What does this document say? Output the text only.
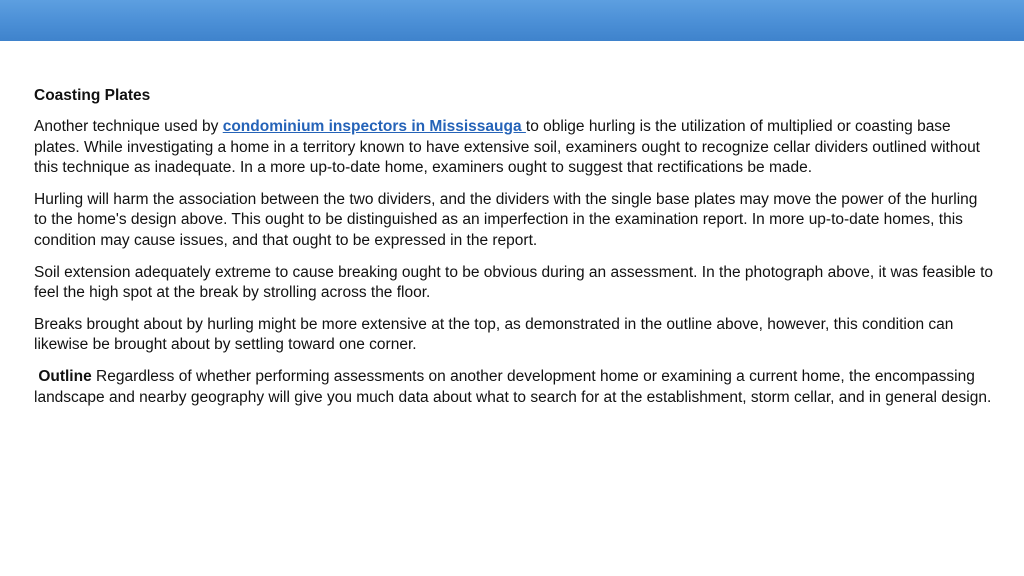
Coasting Plates

Another technique used by condominium inspectors in Mississauga to oblige hurling is the utilization of multiplied or coasting base plates. While investigating a home in a territory known to have extensive soil, examiners ought to recognize cellar dividers outlined without this technique as inadequate. In a more up-to-date home, examiners ought to suggest that rectifications be made.

Hurling will harm the association between the two dividers, and the dividers with the single base plates may move the power of the hurling to the home's design above. This ought to be distinguished as an imperfection in the examination report. In more up-to-date homes, this condition may cause issues, and that ought to be expressed in the report.

Soil extension adequately extreme to cause breaking ought to be obvious during an assessment. In the photograph above, it was feasible to feel the high spot at the break by strolling across the floor.

Breaks brought about by hurling might be more extensive at the top, as demonstrated in the outline above, however, this condition can likewise be brought about by settling toward one corner.

Outline Regardless of whether performing assessments on another development home or examining a current home, the encompassing landscape and nearby geography will give you much data about what to search for at the establishment, storm cellar, and in general design.
